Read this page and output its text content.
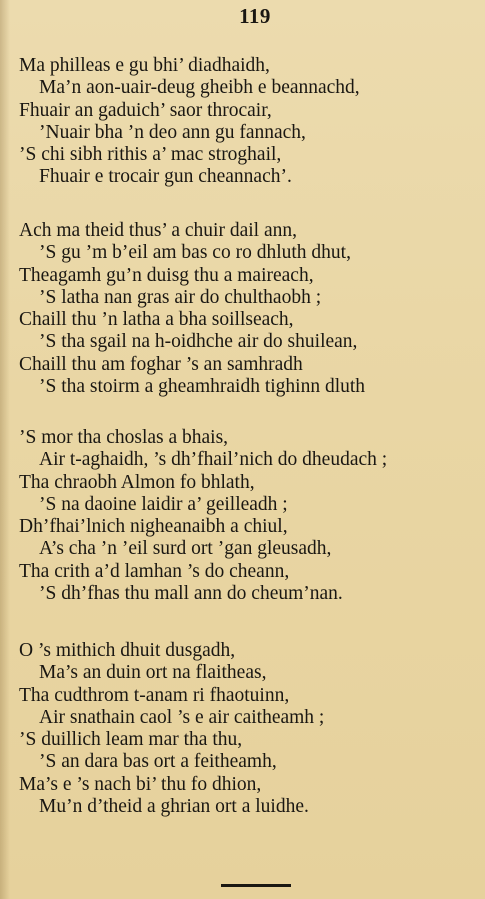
119
Ma philleas e gu bhi’ diadhaidh,
Ma’n aon-uair-deug gheibh e beannachd,
Fhuair an gaduich’ saor throcair,
’Nuair bha ’n deo ann gu fannach,
’S chi sibh rithis a’ mac stroghail,
Fhuair e trocair gun cheannach’.
Ach ma theid thus’ a chuir dail ann,
’S gu ’m b’eil am bas co ro dhluth dhut,
Theagamh gu’n duisg thu a maireach,
’S latha nan gras air do chulthaobh ;
Chaill thu ’n latha a bha soillseach,
’S tha sgail na h-oidhche air do shuilean,
Chaill thu am foghar ’s an samhradh
’S tha stoirm a gheamhraidh tighinn dluth
’S mor tha choslas a bhais,
Air t-aghaidh, ’s dh’fhail’nich do dheudach ;
Tha chraobh Almon fo bhlath,
’S na daoine laidir a’ geilleadh ;
Dh’fhai’lnich nigheanaibh a chiul,
A’s cha ’n ’eil surd ort ’gan gleusadh,
Tha crith a’d lamhan ’s do cheann,
’S dh’fhas thu mall ann do cheum’nan.
O ’s mithich dhuit dusgadh,
Ma’s an duin ort na flaitheas,
Tha cudthrom t-anam ri fhaotuinn,
Air snathain caol ’s e air caitheamh ;
’S duillich leam mar tha thu,
’S an dara bas ort a feitheamh,
Ma’s e ’s nach bi’ thu fo dhion,
Mu’n d’theid a ghrian ort a luidhe.
